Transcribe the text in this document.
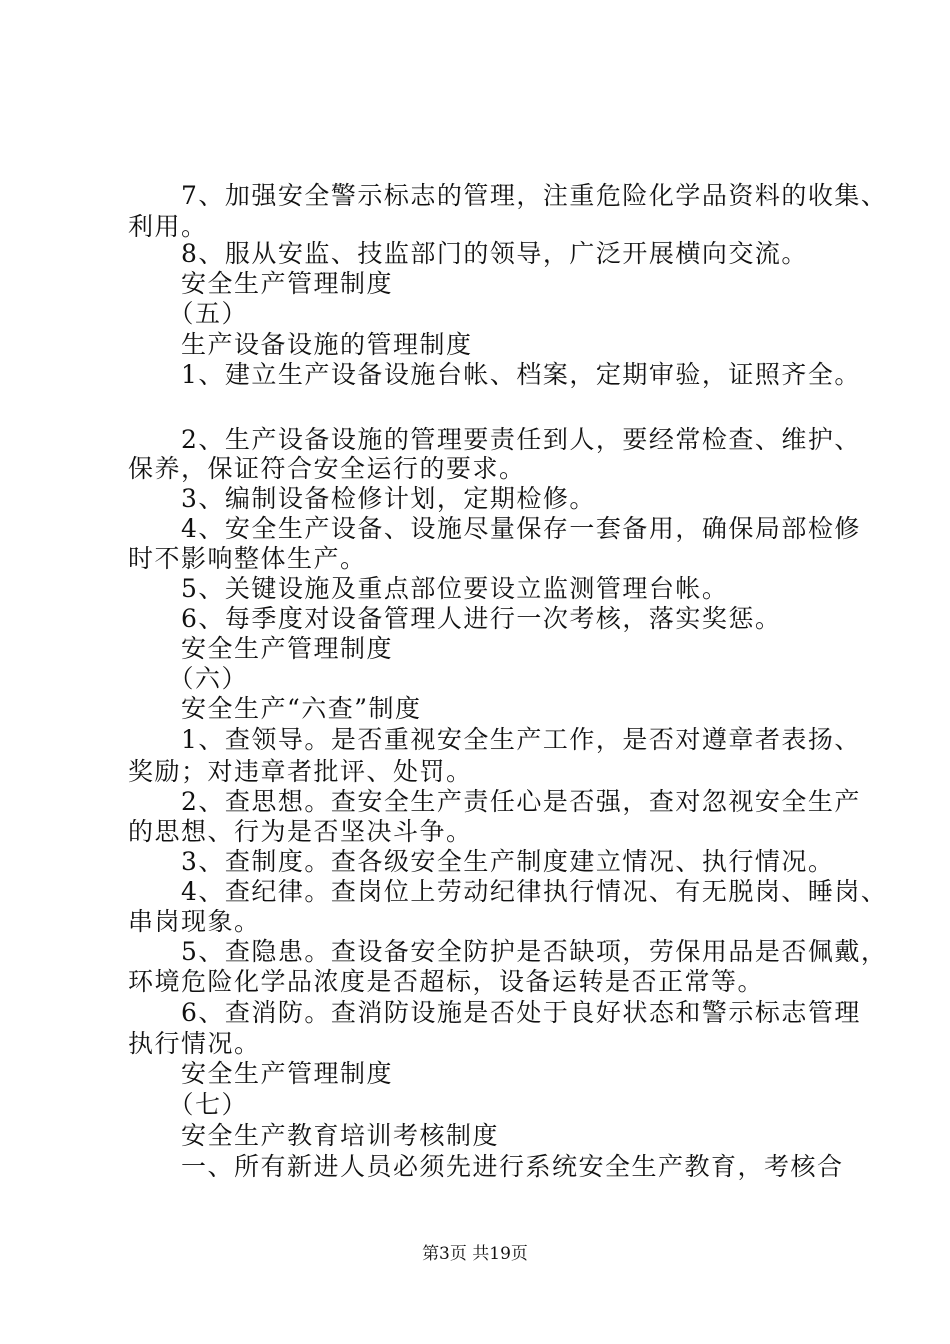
　　7、加强安全警示标志的管理，注重危险化学品资料的收集、
利用。
　　8、服从安监、技监部门的领导，广泛开展横向交流。
　　安全生产管理制度
　　（五）
　　生产设备设施的管理制度
　　1、建立生产设备设施台帐、档案，定期审验，证照齐全。
　　2、生产设备设施的管理要责任到人，要经常检查、维护、
保养，保证符合安全运行的要求。
　　3、编制设备检修计划，定期检修。
　　4、安全生产设备、设施尽量保存一套备用，确保局部检修
时不影响整体生产。
　　5、关键设施及重点部位要设立监测管理台帐。
　　6、每季度对设备管理人进行一次考核，落实奖惩。
　　安全生产管理制度
　　（六）
　　安全生产“六查”制度
　　1、查领导。是否重视安全生产工作，是否对遵章者表扬、
奖励；对违章者批评、处罚。
　　2、查思想。查安全生产责任心是否强，查对忽视安全生产
的思想、行为是否坚决斗争。
　　3、查制度。查各级安全生产制度建立情况、执行情况。
　　4、查纪律。查岗位上劳动纪律执行情况、有无脱岗、睡岗、
串岗现象。
　　5、查隐患。查设备安全防护是否缺项，劳保用品是否佩戴，
环境危险化学品浓度是否超标，设备运转是否正常等。
　　6、查消防。查消防设施是否处于良好状态和警示标志管理
执行情况。
　　安全生产管理制度
　　（七）
　　安全生产教育培训考核制度
　　一、所有新进人员必须先进行系统安全生产教育，考核合
第3页 共19页
